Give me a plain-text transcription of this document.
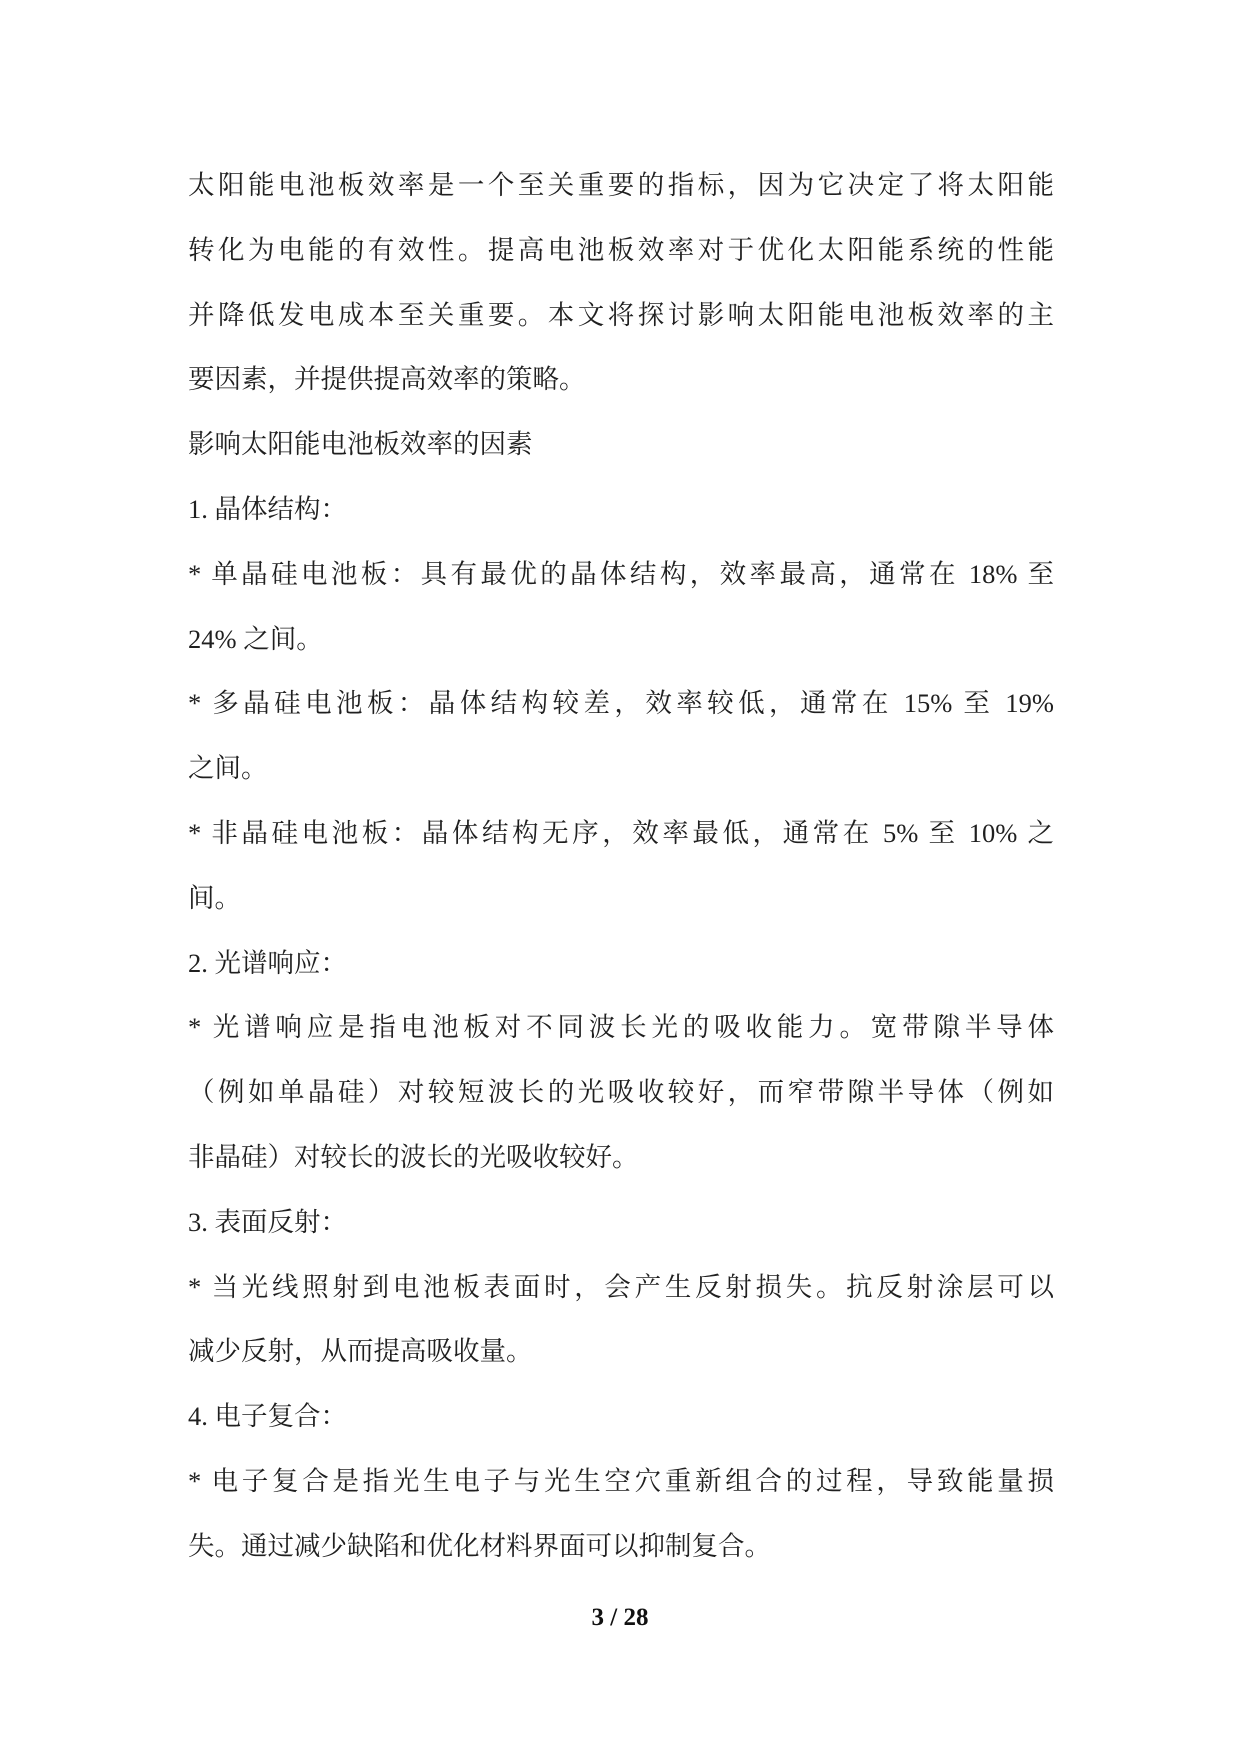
太阳能电池板效率是一个至关重要的指标，因为它决定了将太阳能
转化为电能的有效性。提高电池板效率对于优化太阳能系统的性能
并降低发电成本至关重要。本文将探讨影响太阳能电池板效率的主
要因素，并提供提高效率的策略。
影响太阳能电池板效率的因素
1. 晶体结构：
* 单晶硅电池板：具有最优的晶体结构，效率最高，通常在 18% 至
24% 之间。
* 多晶硅电池板：晶体结构较差，效率较低，通常在 15% 至 19%
之间。
* 非晶硅电池板：晶体结构无序，效率最低，通常在 5% 至 10% 之
间。
2. 光谱响应：
* 光谱响应是指电池板对不同波长光的吸收能力。宽带隙半导体
（例如单晶硅）对较短波长的光吸收较好，而窄带隙半导体（例如
非晶硅）对较长的波长的光吸收较好。
3. 表面反射：
* 当光线照射到电池板表面时，会产生反射损失。抗反射涂层可以
减少反射，从而提高吸收量。
4. 电子复合：
* 电子复合是指光生电子与光生空穴重新组合的过程，导致能量损
失。通过减少缺陷和优化材料界面可以抑制复合。
3 / 28
